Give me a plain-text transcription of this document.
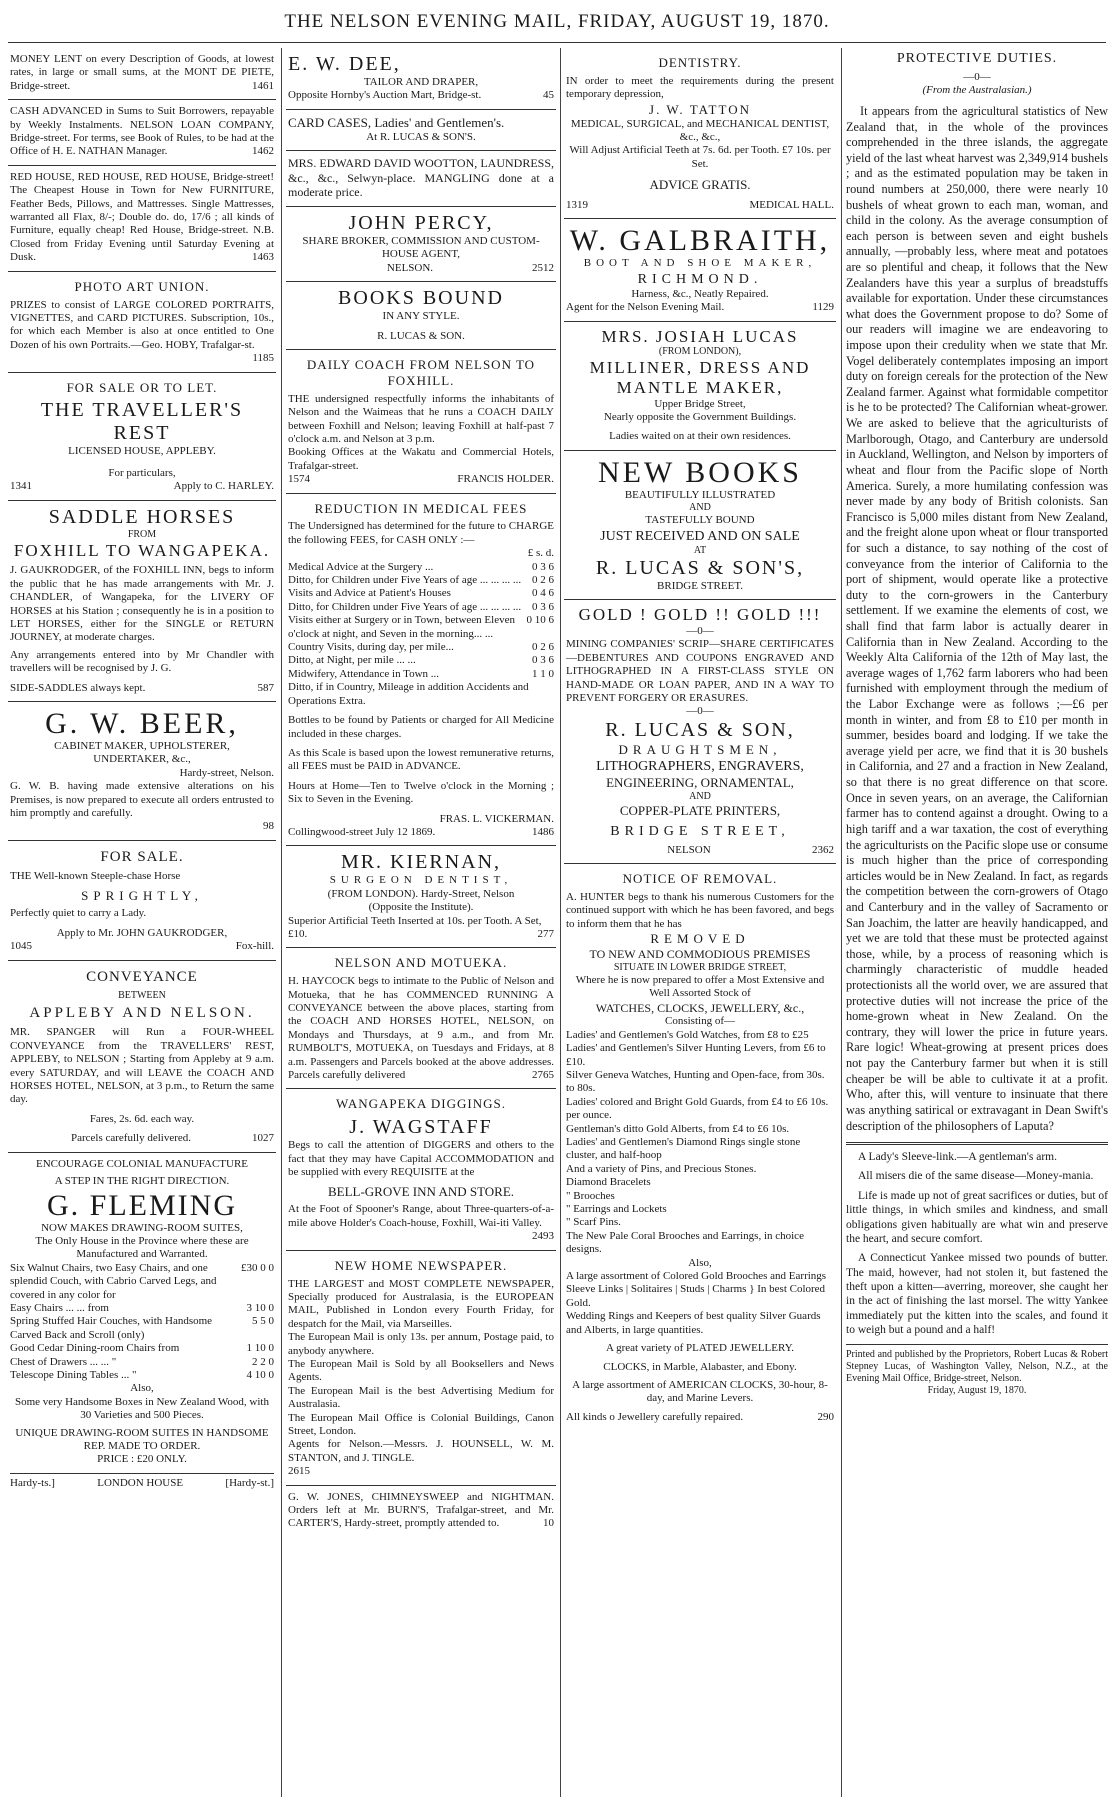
THE NELSON EVENING MAIL, FRIDAY, AUGUST 19, 1870.
MONEY LENT on every Description of Goods, at lowest rates, in large or small sums, at the MONT DE PIETE, Bridge-street.	1461
CASH ADVANCED in Sums to Suit Borrowers, repayable by Weekly Instalments. NELSON LOAN COMPANY, Bridge-street. For terms, see Book of Rules, to be had at the Office of H. E. NATHAN Manager.	1462
RED HOUSE, RED HOUSE, RED HOUSE, Bridge-street! The Cheapest House in Town for New FURNITURE, Feather Beds, Pillows, and Mattresses. Single Mattresses, warranted all Flax, 8/-; Double do. do, 17/6 ; all kinds of Furniture, equally cheap! Red House, Bridge-street. N.B. Closed from Friday Evening until Saturday Evening at Dusk.	1463
PHOTO ART UNION.
PRIZES to consist of LARGE COLORED PORTRAITS, VIGNETTES, and CARD PICTURES. Subscription, 10s., for which each Member is also at once entitled to One Dozen of his own Portraits.—Geo. HOBY, Trafalgar-st.
1185
FOR SALE OR TO LET.
THE TRAVELLER'S REST
LICENSED HOUSE, APPLEBY.
For particulars,
1341	Apply to C. HARLEY.
SADDLE HORSES
FROM
FOXHILL TO WANGAPEKA.
J. GAUKRODGER, of the FOXHILL INN, begs to inform the public that he has made arrangements with Mr. J. CHANDLER, of Wangapeka, for the LIVERY OF HORSES at his Station ; consequently he is in a position to LET HORSES, either for the SINGLE or RETURN JOURNEY, at moderate charges.
Any arrangements entered into by Mr Chandler with travellers will be recognised by J. G.
SIDE-SADDLES always kept.	587
G. W. BEER,
CABINET MAKER, UPHOLSTERER,
UNDERTAKER, &c.,
Hardy-street, Nelson.
G. W. B. having made extensive alterations on his Premises, is now prepared to execute all orders entrusted to him promptly and carefully.
98
FOR SALE.
THE Well-known Steeple-chase Horse
SPRIGHTLY,
Perfectly quiet to carry a Lady.
Apply to Mr. JOHN GAUKRODGER,
1045	Fox-hill.
CONVEYANCE
BETWEEN
APPLEBY AND NELSON.
MR. SPANGER will Run a FOUR-WHEEL CONVEYANCE from the TRAVELLERS' REST, APPLEBY, to NELSON ; Starting from Appleby at 9 a.m. every SATURDAY, and will LEAVE the COACH AND HORSES HOTEL, NELSON, at 3 p.m., to Return the same day.
Fares, 2s. 6d. each way.
Parcels carefully delivered.	1027
ENCOURAGE COLONIAL MANUFACTURE
A STEP IN THE RIGHT DIRECTION.
G. FLEMING
NOW MAKES DRAWING-ROOM SUITES,
The Only House in the Province where these are Manufactured and Warranted.
Six Walnut Chairs, two Easy Chairs, and one splendid Couch, with Cabrio Carved Legs, and covered in any color for
£30 0 0
Easy Chairs ... ... from	3 10 0
Spring Stuffed Hair Couches, with Handsome Carved Back and Scroll (only)
5 5 0
Good Cedar Dining-room Chairs from	1 10 0
Chest of Drawers ... ... "	2 2 0
Telescope Dining Tables ... "	4 10 0
Also,
Some very Handsome Boxes in New Zealand Wood, with 30 Varieties and 500 Pieces.
UNIQUE DRAWING-ROOM SUITES IN HANDSOME REP. MADE TO ORDER.
PRICE : £20 ONLY.
Hardy-ts.]	LONDON HOUSE	[Hardy-st.]
E. W. DEE,
TAILOR AND DRAPER,
Opposite Hornby's Auction Mart, Bridge-st.	45
CARD CASES, Ladies' and Gentlemen's.
At R. LUCAS & SON'S.
MRS. EDWARD DAVID WOOTTON, LAUNDRESS, &c., &c., Selwyn-place. MANGLING done at a moderate price.
JOHN PERCY,
SHARE BROKER, COMMISSION AND CUSTOM-HOUSE AGENT,
NELSON.	2512
BOOKS BOUND
IN ANY STYLE.
R. LUCAS & SON.
DAILY COACH FROM NELSON TO FOXHILL.
THE undersigned respectfully informs the inhabitants of Nelson and the Waimeas that he runs a COACH DAILY between Foxhill and Nelson; leaving Foxhill at half-past 7 o'clock a.m. and Nelson at 3 p.m.
Booking Offices at the Wakatu and Commercial Hotels, Trafalgar-street.
1574	FRANCIS HOLDER.
REDUCTION IN MEDICAL FEES
The Undersigned has determined for the future to CHARGE the following FEES, for CASH ONLY :—
£ s. d.
Medical Advice at the Surgery ...	0 3 6
Ditto, for Children under Five Years of age ... ... ... ... 0 2 6
Visits and Advice at Patient's Houses	0 4 6
Ditto, for Children under Five Years of age ... ... ... ... 0 3 6
Visits either at Surgery or in Town, between Eleven o'clock at night, and Seven in the morning... ...
0 10 6
Country Visits, during day, per mile...	0 2 6
Ditto, at Night, per mile ... ...	0 3 6
Midwifery, Attendance in Town ...	1 1 0
Ditto, if in Country, Mileage in addition Accidents and Operations Extra.
Bottles to be found by Patients or charged for All Medicine included in these charges.
As this Scale is based upon the lowest remunerative returns, all FEES must be PAID in ADVANCE.
Hours at Home—Ten to Twelve o'clock in the Morning ; Six to Seven in the Evening.
FRAS. L. VICKERMAN.
Collingwood-street July 12 1869.	1486
MR. KIERNAN,
SURGEON DENTIST,
(FROM LONDON). Hardy-Street, Nelson
(Opposite the Institute).
Superior Artificial Teeth Inserted at 10s. per Tooth. A Set, £10.	277
NELSON AND MOTUEKA.
H. HAYCOCK begs to intimate to the Public of Nelson and Motueka, that he has COMMENCED RUNNING A CONVEYANCE between the above places, starting from the COACH AND HORSES HOTEL, NELSON, on Mondays and Thursdays, at 9 a.m., and from Mr. RUMBOLT'S, MOTUEKA, on Tuesdays and Fridays, at 8 a.m. Passengers and Parcels booked at the above addresses. Parcels carefully delivered	2765
WANGAPEKA DIGGINGS.
J. WAGSTAFF
Begs to call the attention of DIGGERS and others to the fact that they may have Capital ACCOMMODATION and be supplied with every REQUISITE at the
BELL-GROVE INN AND STORE.
At the Foot of Spooner's Range, about Three-quarters-of-a-mile above Holder's Coach-house, Foxhill, Wai-iti Valley.
2493
NEW HOME NEWSPAPER.
THE LARGEST and MOST COMPLETE NEWSPAPER, Specially produced for Australasia, is the EUROPEAN MAIL, Published in London every Fourth Friday, for despatch for the Mail, via Marseilles.
The European Mail is only 13s. per annum, Postage paid, to anybody anywhere.
The European Mail is Sold by all Booksellers and News Agents.
The European Mail is the best Advertising Medium for Australasia.
The European Mail Office is Colonial Buildings, Canon Street, London.
Agents for Nelson.—Messrs. J. HOUNSELL, W. M. STANTON, and J. TINGLE.
2615
G. W. JONES, CHIMNEYSWEEP and NIGHTMAN. Orders left at Mr. BURN'S, Trafalgar-street, and Mr. CARTER'S, Hardy-street, promptly attended to.	10
DENTISTRY.
IN order to meet the requirements during the present temporary depression,
J. W. TATTON
MEDICAL, SURGICAL, and MECHANICAL DENTIST, &c., &c.,
Will Adjust Artificial Teeth at 7s. 6d. per Tooth. £7 10s. per Set.
ADVICE GRATIS.
1319	MEDICAL HALL.
W. GALBRAITH,
BOOT AND SHOE MAKER,
RICHMOND.
Harness, &c., Neatly Repaired.
Agent for the Nelson Evening Mail.	1129
MRS. JOSIAH LUCAS
(FROM LONDON),
MILLINER, DRESS AND MANTLE MAKER,
Upper Bridge Street,
Nearly opposite the Government Buildings.
Ladies waited on at their own residences.
NEW BOOKS
BEAUTIFULLY ILLUSTRATED
AND
TASTEFULLY BOUND
JUST RECEIVED AND ON SALE
AT
R. LUCAS & SON'S,
BRIDGE STREET.
GOLD ! GOLD !! GOLD !!!
—0—
MINING COMPANIES' SCRIP—SHARE CERTIFICATES—DEBENTURES AND COUPONS ENGRAVED AND LITHOGRAPHED IN A FIRST-CLASS STYLE ON HAND-MADE OR LOAN PAPER, AND IN A WAY TO PREVENT FORGERY OR ERASURES.
—0—
R. LUCAS & SON,
DRAUGHTSMEN,
LITHOGRAPHERS, ENGRAVERS,
ENGINEERING, ORNAMENTAL,
AND
COPPER-PLATE PRINTERS,
BRIDGE STREET,
NELSON	2362
NOTICE OF REMOVAL.
A. HUNTER begs to thank his numerous Customers for the continued support with which he has been favored, and begs to inform them that he has
REMOVED
TO NEW AND COMMODIOUS PREMISES
SITUATE IN LOWER BRIDGE STREET,
Where he is now prepared to offer a Most Extensive and Well Assorted Stock of
WATCHES, CLOCKS, JEWELLERY, &c.,
Consisting of—
Ladies' and Gentlemen's Gold Watches, from £8 to £25
Ladies' and Gentlemen's Silver Hunting Levers, from £6 to £10.
Silver Geneva Watches, Hunting and Open-face, from 30s. to 80s.
Ladies' colored and Bright Gold Guards, from £4 to £6 10s. per ounce.
Gentleman's ditto Gold Alberts, from £4 to £6 10s.
Ladies' and Gentlemen's Diamond Rings single stone cluster, and half-hoop
And a variety of Pins, and Precious Stones.
Diamond Bracelets
" Brooches
" Earrings and Lockets
" Scarf Pins.
The New Pale Coral Brooches and Earrings, in choice designs.
Also,
A large assortment of Colored Gold Brooches and Earrings
Sleeve Links | Solitaires | Studs | Charms } In best Colored Gold.
Wedding Rings and Keepers of best quality Silver Guards and Alberts, in large quantities.
A great variety of PLATED JEWELLERY.
CLOCKS, in Marble, Alabaster, and Ebony.
A large assortment of AMERICAN CLOCKS, 30-hour, 8-day, and Marine Levers.
All kinds o Jewellery carefully repaired.	290
PROTECTIVE DUTIES.
—0—
(From the Australasian.)
It appears from the agricultural statistics of New Zealand that, in the whole of the provinces comprehended in the three islands, the aggregate yield of the last wheat harvest was 2,349,914 bushels ; and as the estimated population may be taken in round numbers at 250,000, there were nearly 10 bushels of wheat grown to each man, woman, and child in the colony. As the average consumption of each person is between seven and eight bushels annually, —probably less, where meat and potatoes are so plentiful and cheap, it follows that the New Zealanders have this year a surplus of breadstuffs available for exportation. Under these circumstances what does the Government propose to do? Some of our readers will imagine we are endeavoring to impose upon their credulity when we state that Mr. Vogel deliberately contemplates imposing an import duty on foreign cereals for the protection of the New Zealand farmer. Against what formidable competitor is he to be protected? The Californian wheat-grower. We are asked to believe that the agriculturists of Marlborough, Otago, and Canterbury are undersold in Auckland, Wellington, and Nelson by importers of wheat and flour from the Pacific slope of North America. Surely, a more humilating confession was never made by any body of British colonists. San Francisco is 5,000 miles distant from New Zealand, and the freight alone upon wheat or flour transported for such a distance, to say nothing of the cost of conveyance from the interior of California to the port of shipment, would operate like a protective duty to the corn-growers in the Canterbury settlement. If we examine the elements of cost, we shall find that farm labor is actually dearer in California than in New Zealand. According to the Weekly Alta California of the 12th of May last, the average wages of 1,762 farm laborers who had been furnished with employment through the medium of the Labor Exchange were as follows ;—£6 per month in winter, and from £8 to £10 per month in summer, besides board and lodging. If we take the average yield per acre, we find that it is 30 bushels in California, and 27 and a fraction in New Zealand, so that there is no great difference on that score. Once in seven years, on an average, the Californian farmer has to contend against a drought. Owing to a high tariff and a war taxation, the cost of everything the agriculturists on the Pacific slope use or consume is much higher than the price of corresponding articles would be in New Zealand. In fact, as regards the competition between the corn-growers of Otago and Canterbury and in the valley of Sacramento or San Joachim, the latter are heavily handicapped, and yet we are told that these must be protected against those, while, by a process of reasoning which is charmingly characteristic of muddle headed protectionists all the world over, we are assured that protective duties will not increase the price of the home-grown wheat in New Zealand. On the contrary, they will lower the price in future years. Rare logic! Wheat-growing at present prices does not pay the Canterbury farmer but when it is still cheaper be will be able to cultivate it at a profit. Who, after this, will venture to insinuate that there was anything satirical or extravagant in Dean Swift's description of the philosophers of Laputa?

A Lady's Sleeve-link.—A gentleman's arm.

All misers die of the same disease—Money-mania.

Life is made up not of great sacrifices or duties, but of little things, in which smiles and kindness, and small obligations given habitually are what win and preserve the heart, and secure comfort.

A Connecticut Yankee missed two pounds of butter. The maid, however, had not stolen it, but fastened the theft upon a kitten—averring, moreover, she caught her in the act of finishing the last morsel. The witty Yankee immediately put the kitten into the scales, and found it to weigh but a pound and a half!

Printed and published by the Proprietors, Robert Lucas & Robert Stepney Lucas, of Washington Valley, Nelson, N.Z., at the Evening Mail Office, Bridge-street, Nelson.
Friday, August 19, 1870.
